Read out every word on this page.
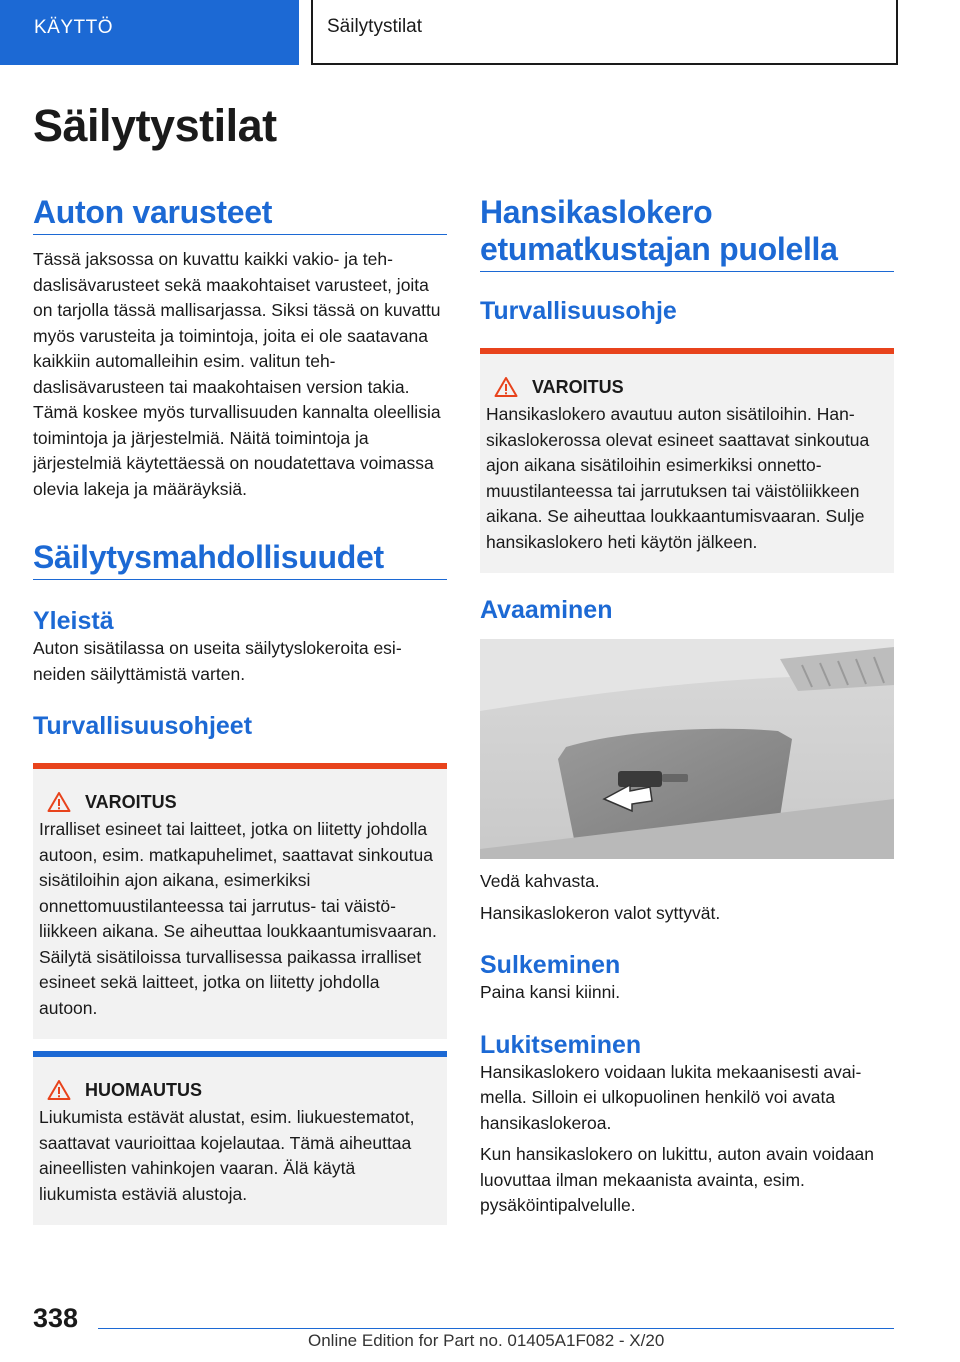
KÄYTTÖ	Säilytystilat
Säilytystilat
Auton varusteet

Tässä jaksossa on kuvattu kaikki vakio- ja tehdaslisävarusteet sekä maakohtaiset varusteet, joita on tarjolla tässä mallisarjassa. Siksi tässä on kuvattu myös varusteita ja toimintoja, joita ei ole saatavana kaikkiin automalleihin esim. valitun tehdaslisävarusteen tai maakohtaisen version takia. Tämä koskee myös turvallisuuden kannalta oleellisia toimintoja ja järjestelmiä. Näitä toimintoja ja järjestelmiä käytettäessä on noudatettava voimassa olevia lakeja ja määräyksiä.

Säilytysmahdollisuudet
Yleistä

Auton sisätilassa on useita säilytyslokeroita esineiden säilyttämistä varten.

Turvallisuusohjeet
VAROITUS

Irralliset esineet tai laitteet, jotka on liitetty johdolla autoon, esim. matkapuhelimet, saattavat sinkoutua sisätiloihin ajon aikana, esimerkiksi onnettomuustilanteessa tai jarrutus- tai väistöliikkeen aikana. Se aiheuttaa loukkaantumisvaaran. Säilytä sisätiloissa turvallisessa paikassa irralliset esineet sekä laitteet, jotka on liitetty johdolla autoon.

HUOMAUTUS

Liukumista estävät alustat, esim. liukuestematot, saattavat vaurioittaa kojelautaa. Tämä aiheuttaa aineellisten vahinkojen vaaran. Älä käytä liukumista estäviä alustoja.

Hansikaslokero etumatkustajan puolella
Turvallisuusohje
VAROITUS

Hansikaslokero avautuu auton sisätiloihin. Hansikaslokerossa olevat esineet saattavat sinkoutua ajon aikana sisätiloihin esimerkiksi onnettomuustilanteessa tai jarrutuksen tai väistöliikkeen aikana. Se aiheuttaa loukkaantumisvaaran. Sulje hansikaslokero heti käytön jälkeen.

Avaaminen

Vedä kahvasta.

Hansikaslokeron valot syttyvät.

Sulkeminen

Paina kansi kiinni.

Lukitseminen

Hansikaslokero voidaan lukita mekaanisesti avaimella. Silloin ei ulkopuolinen henkilö voi avata hansikaslokeroa.

Kun hansikaslokero on lukittu, auton avain voidaan luovuttaa ilman mekaanista avainta, esim. pysäköintipalvelulle.

338
Online Edition for Part no. 01405A1F082 - X/20
